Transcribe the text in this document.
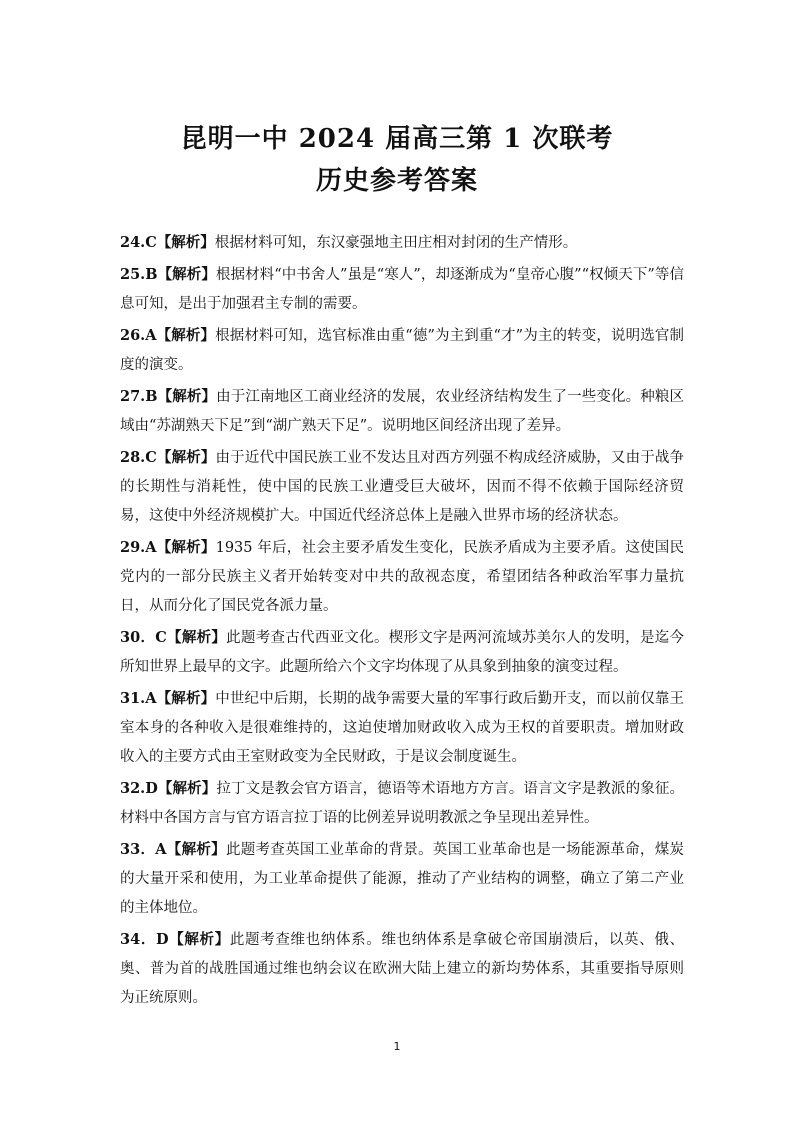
昆明一中 2024 届高三第 1 次联考
历史参考答案

24.C【解析】根据材料可知，东汉豪强地主田庄相对封闭的生产情形。

25.B【解析】根据材料“中书舍人”虽是“寒人”，却逐渐成为“皇帝心腹”“权倾天下”等信息可知，是出于加强君主专制的需要。

26.A【解析】根据材料可知，选官标准由重“德”为主到重“才”为主的转变，说明选官制度的演变。

27.B【解析】由于江南地区工商业经济的发展，农业经济结构发生了一些变化。种粮区域由“苏湖熟天下足”到“湖广熟天下足”。说明地区间经济出现了差异。

28.C【解析】由于近代中国民族工业不发达且对西方列强不构成经济威胁，又由于战争的长期性与消耗性，使中国的民族工业遭受巨大破坏，因而不得不依赖于国际经济贸易，这使中外经济规模扩大。中国近代经济总体上是融入世界市场的经济状态。

29.A【解析】1935 年后，社会主要矛盾发生变化，民族矛盾成为主要矛盾。这使国民党内的一部分民族主义者开始转变对中共的敌视态度，希望团结各种政治军事力量抗日，从而分化了国民党各派力量。

30．C【解析】此题考查古代西亚文化。楔形文字是两河流域苏美尔人的发明，是迄今所知世界上最早的文字。此题所给六个文字均体现了从具象到抽象的演变过程。

31.A【解析】中世纪中后期，长期的战争需要大量的军事行政后勤开支，而以前仅靠王室本身的各种收入是很难维持的，这迫使增加财政收入成为王权的首要职责。增加财政收入的主要方式由王室财政变为全民财政，于是议会制度诞生。

32.D【解析】拉丁文是教会官方语言，德语等术语地方方言。语言文字是教派的象征。材料中各国方言与官方语言拉丁语的比例差异说明教派之争呈现出差异性。

33．A【解析】此题考查英国工业革命的背景。英国工业革命也是一场能源革命，煤炭的大量开采和使用，为工业革命提供了能源，推动了产业结构的调整，确立了第二产业的主体地位。

34．D【解析】此题考查维也纳体系。维也纳体系是拿破仑帝国崩溃后，以英、俄、奥、普为首的战胜国通过维也纳会议在欧洲大陆上建立的新均势体系，其重要指导原则为正统原则。

1
